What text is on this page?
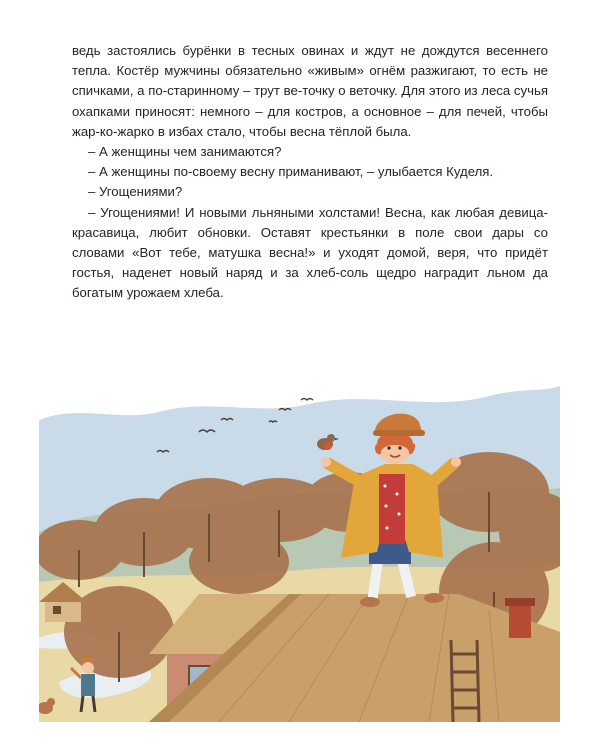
ведь застоялись бурёнки в тесных овинах и ждут не дождутся весеннего тепла. Костёр мужчины обязательно «живым» огнём разжигают, то есть не спичками, а по-старинному – трут ве-точку о веточку. Для этого из леса сучья охапками приносят: немного – для костров, а основное – для печей, чтобы жар-ко-жарко в избах стало, чтобы весна тёплой была.

– А женщины чем занимаются?

– А женщины по-своему весну приманивают, – улыбается Куделя.

– Угощениями?

– Угощениями! И новыми льняными холстами! Весна, как любая девица-красавица, любит обновки. Оставят крестьянки в поле свои дары со словами «Вот тебе, матушка весна!» и уходят домой, веря, что придёт гостья, наденет новый наряд и за хлеб-соль щедро наградит льном да богатым урожаем хлеба.
